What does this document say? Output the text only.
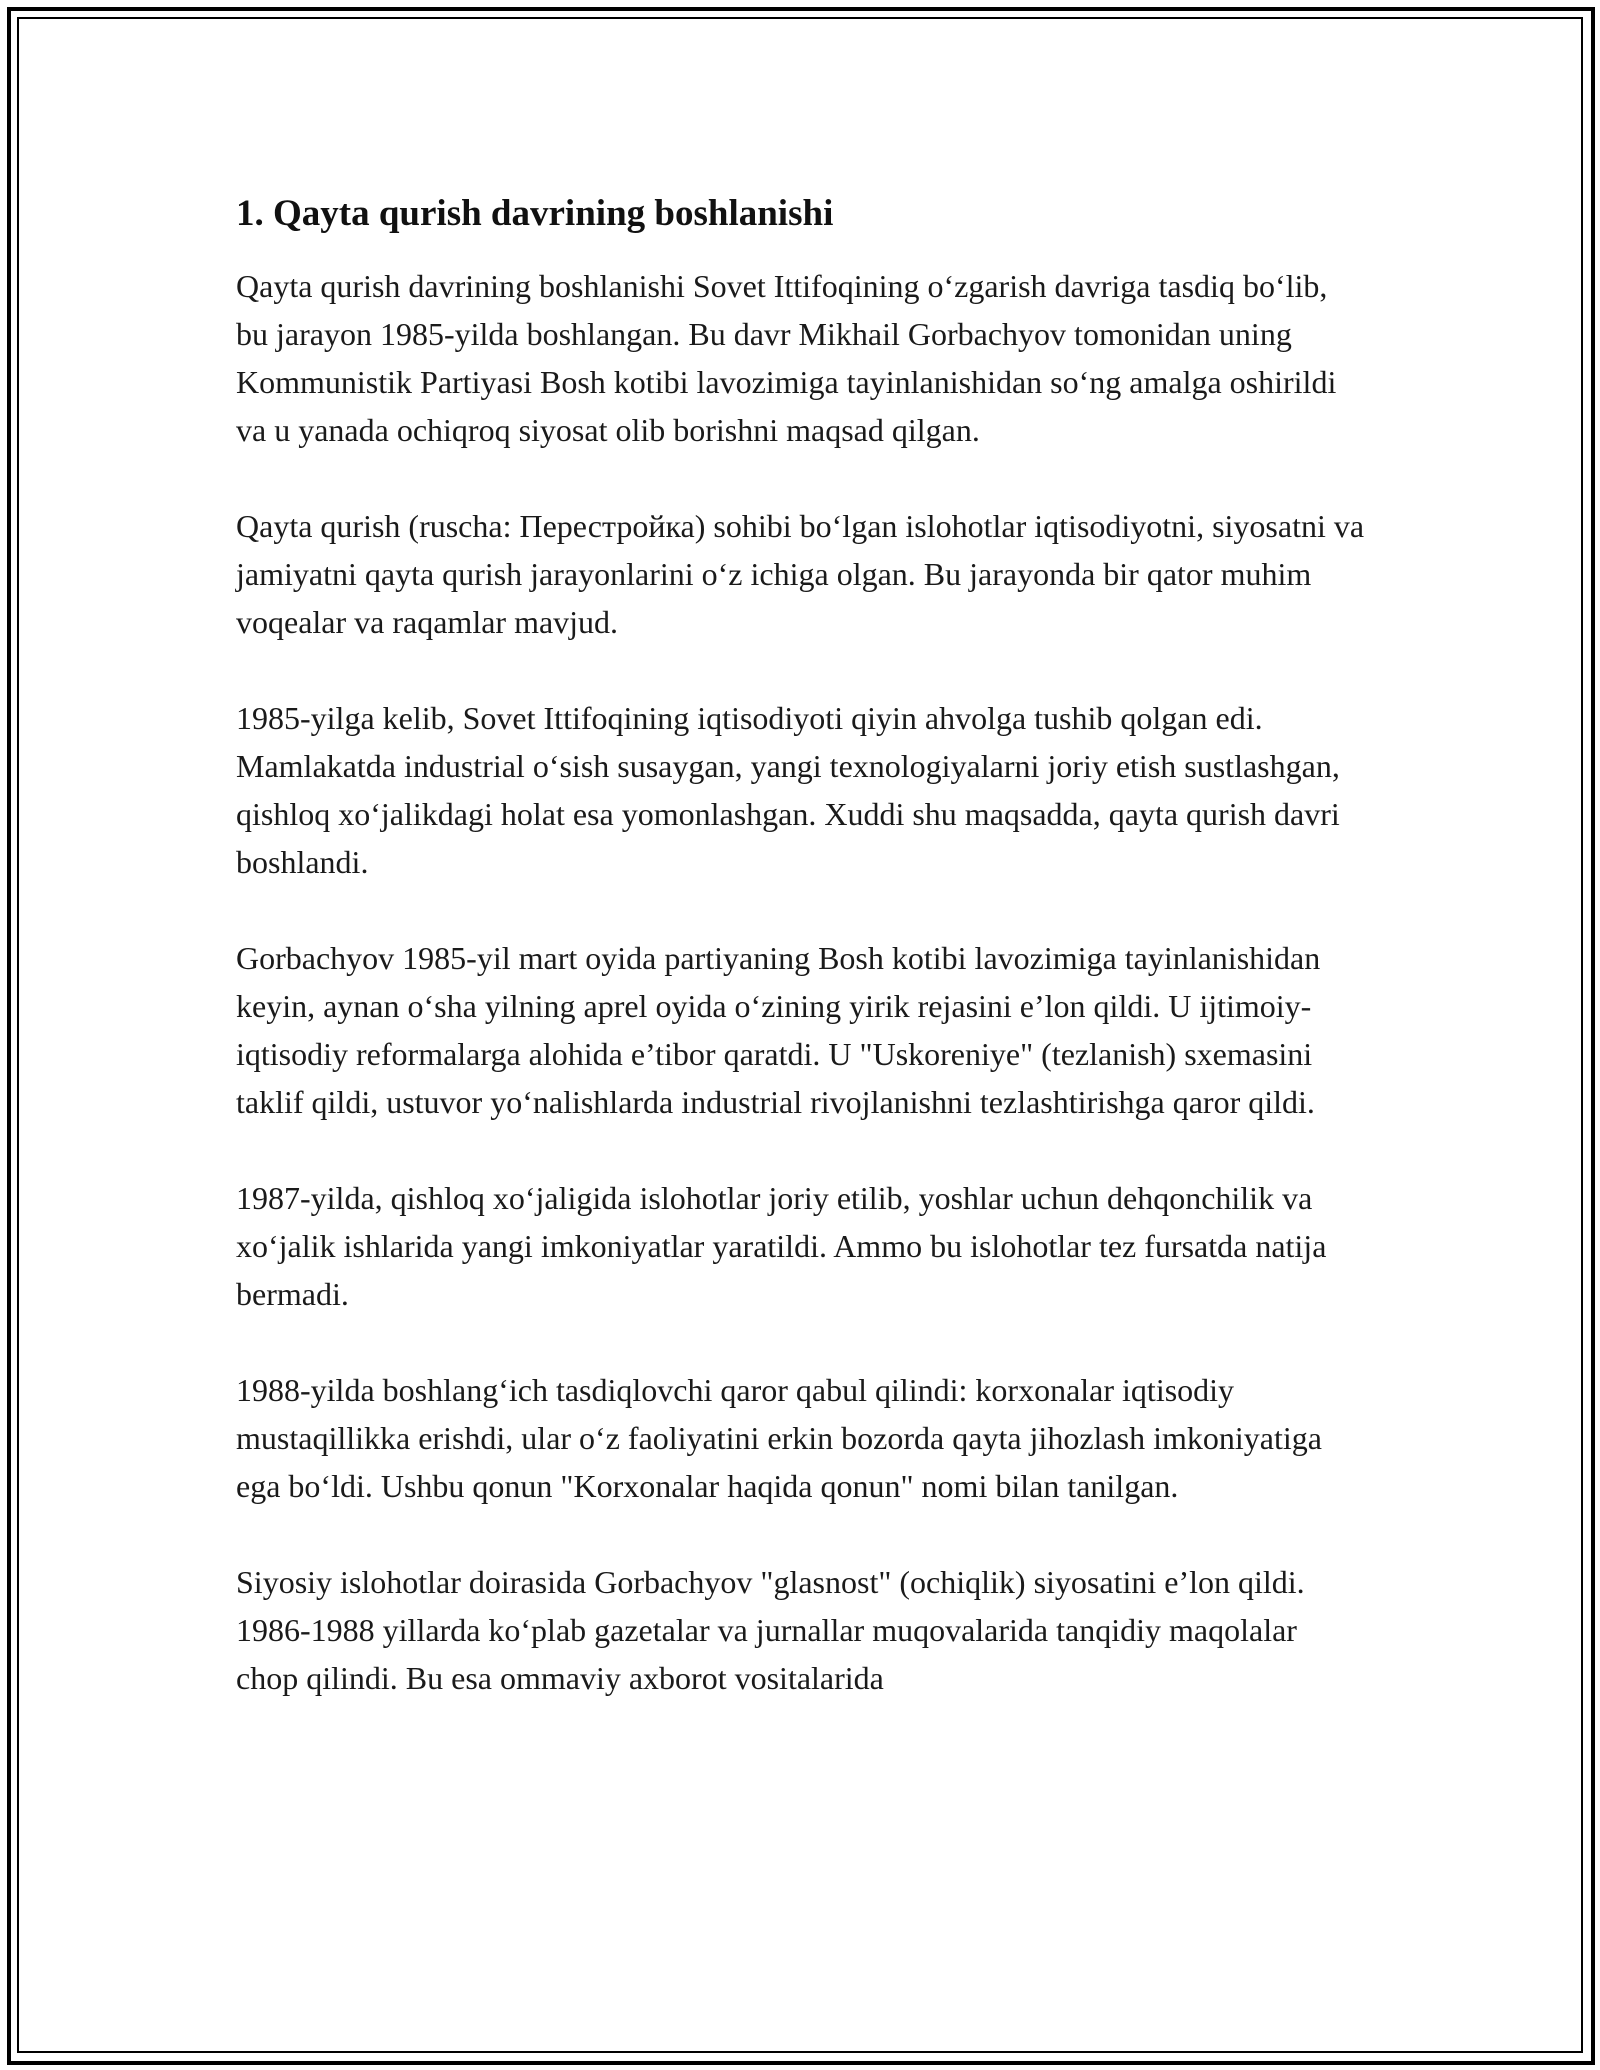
1. Qayta qurish davrining boshlanishi

Qayta qurish davrining boshlanishi Sovet Ittifoqining o‘zgarish davriga tasdiq bo‘lib, bu jarayon 1985-yilda boshlangan. Bu davr Mikhail Gorbachyov tomonidan uning Kommunistik Partiyasi Bosh kotibi lavozimiga tayinlanishidan so‘ng amalga oshirildi va u yanada ochiqroq siyosat olib borishni maqsad qilgan.

Qayta qurish (ruscha: Перестройка) sohibi bo‘lgan islohotlar iqtisodiyotni, siyosatni va jamiyatni qayta qurish jarayonlarini o‘z ichiga olgan. Bu jarayonda bir qator muhim voqealar va raqamlar mavjud.

1985-yilga kelib, Sovet Ittifoqining iqtisodiyoti qiyin ahvolga tushib qolgan edi. Mamlakatda industrial o‘sish susaygan, yangi texnologiyalarni joriy etish sustlashgan, qishloq xo‘jalikdagi holat esa yomonlashgan. Xuddi shu maqsadda, qayta qurish davri boshlandi.

Gorbachyov 1985-yil mart oyida partiyaning Bosh kotibi lavozimiga tayinlanishidan keyin, aynan o‘sha yilning aprel oyida o‘zining yirik rejasini e’lon qildi. U ijtimoiy-iqtisodiy reformalarga alohida e’tibor qaratdi. U "Uskoreniye" (tezlanish) sxemasini taklif qildi, ustuvor yo‘nalishlarda industrial rivojlanishni tezlashtirishga qaror qildi.

1987-yilda, qishloq xo‘jaligida islohotlar joriy etilib, yoshlar uchun dehqonchilik va xo‘jalik ishlarida yangi imkoniyatlar yaratildi. Ammo bu islohotlar tez fursatda natija bermadi.

1988-yilda boshlang‘ich tasdiqlovchi qaror qabul qilindi: korxonalar iqtisodiy mustaqillikka erishdi, ular o‘z faoliyatini erkin bozorda qayta jihozlash imkoniyatiga ega bo‘ldi. Ushbu qonun "Korxonalar haqida qonun" nomi bilan tanilgan.

Siyosiy islohotlar doirasida Gorbachyov "glasnost" (ochiqlik) siyosatini e’lon qildi. 1986-1988 yillarda ko‘plab gazetalar va jurnallar muqovalarida tanqidiy maqolalar chop qilindi. Bu esa ommaviy axborot vositalarida
